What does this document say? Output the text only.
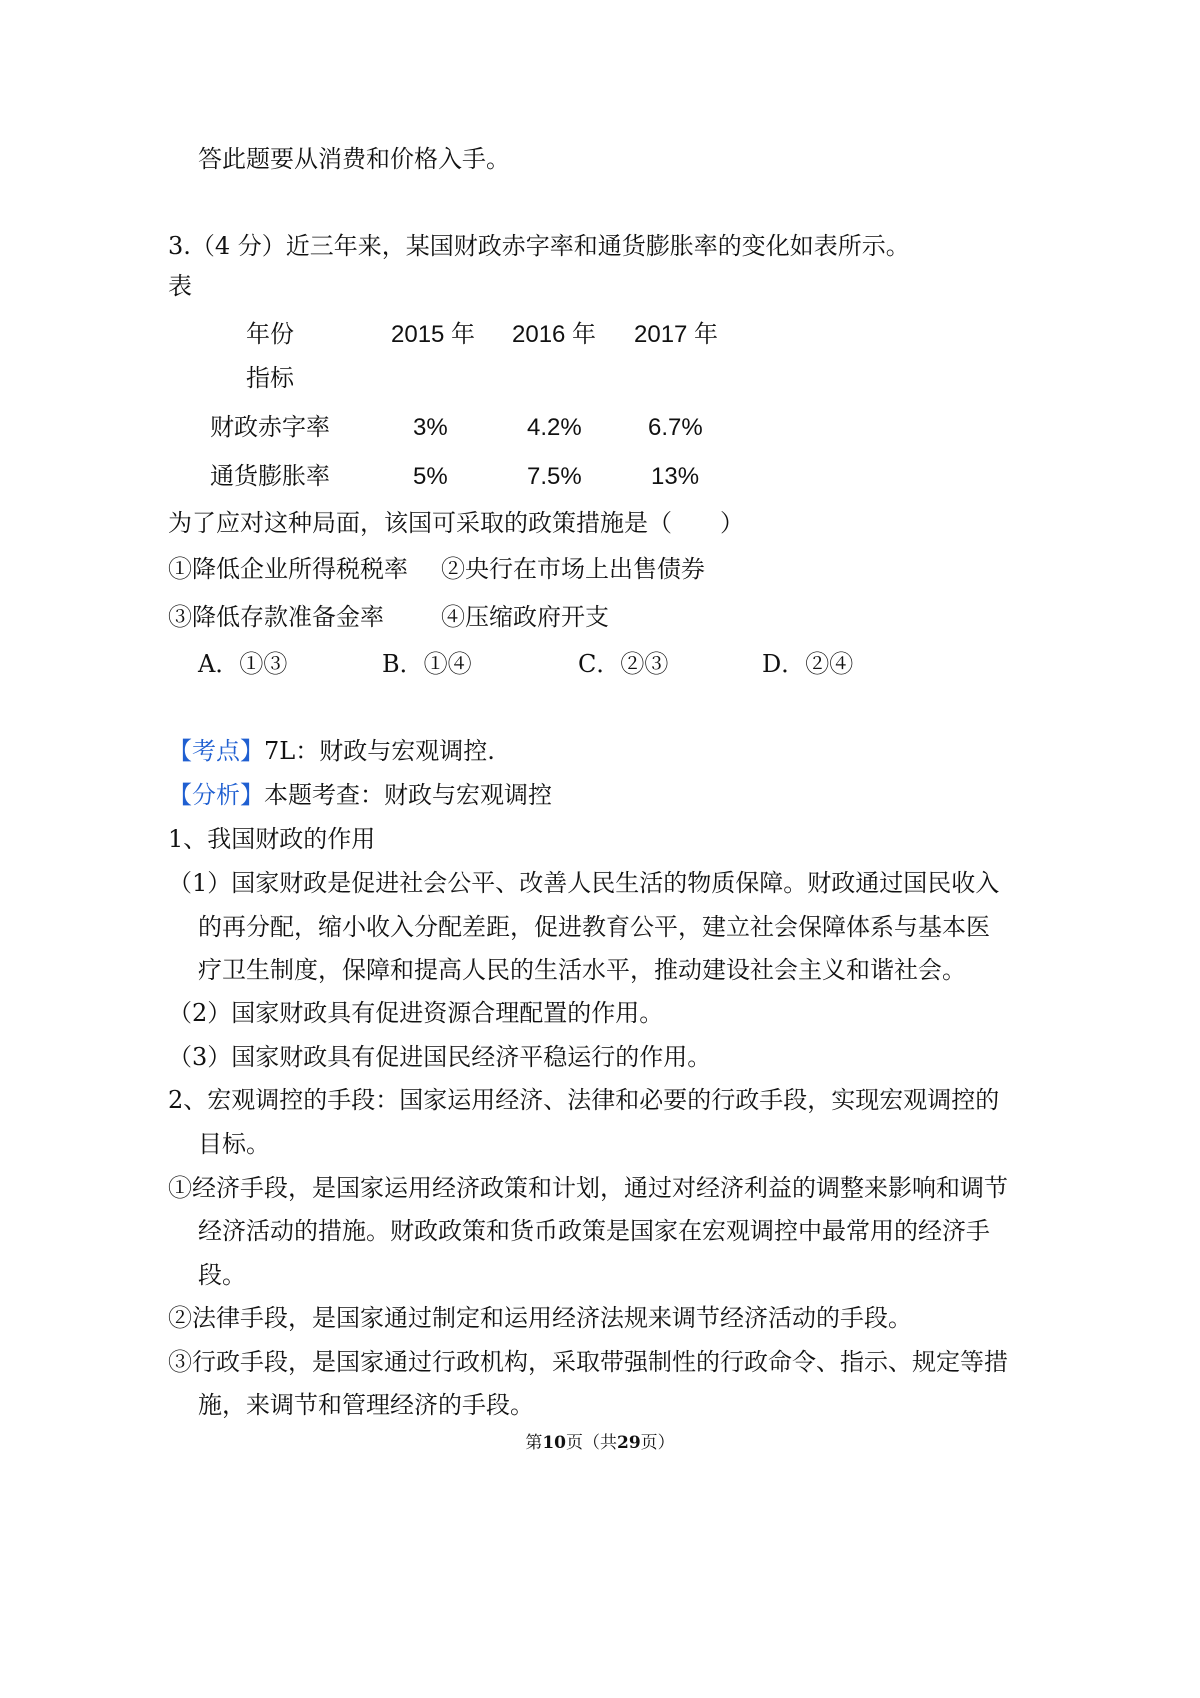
答此题要从消费和价格入手。
3.（4 分）近三年来，某国财政赤字率和通货膨胀率的变化如表所示。
表
年份
指标
2015 年 2016 年 2017 年
财政赤字率	3%	4.2%	6.7%
通货膨胀率	5%	7.5%	13%
为了应对这种局面，该国可采取的政策措施是（　　）
①降低企业所得税税率 ②央行在市场上出售债券
③降低存款准备金率 ④压缩政府开支
A．①③	B．①④	C．②③	D．②④
【考点】7L：财政与宏观调控.
【分析】本题考查：财政与宏观调控
1、我国财政的作用
（1）国家财政是促进社会公平、改善人民生活的物质保障。财政通过国民收入
的再分配，缩小收入分配差距，促进教育公平，建立社会保障体系与基本医
疗卫生制度，保障和提高人民的生活水平，推动建设社会主义和谐社会。
（2）国家财政具有促进资源合理配置的作用。
（3）国家财政具有促进国民经济平稳运行的作用。
2、宏观调控的手段：国家运用经济、法律和必要的行政手段，实现宏观调控的
目标。
①经济手段，是国家运用经济政策和计划，通过对经济利益的调整来影响和调节
经济活动的措施。财政政策和货币政策是国家在宏观调控中最常用的经济手
段。
②法律手段，是国家通过制定和运用经济法规来调节经济活动的手段。
③行政手段，是国家通过行政机构，采取带强制性的行政命令、指示、规定等措
施，来调节和管理经济的手段。
第10页（共29页）
